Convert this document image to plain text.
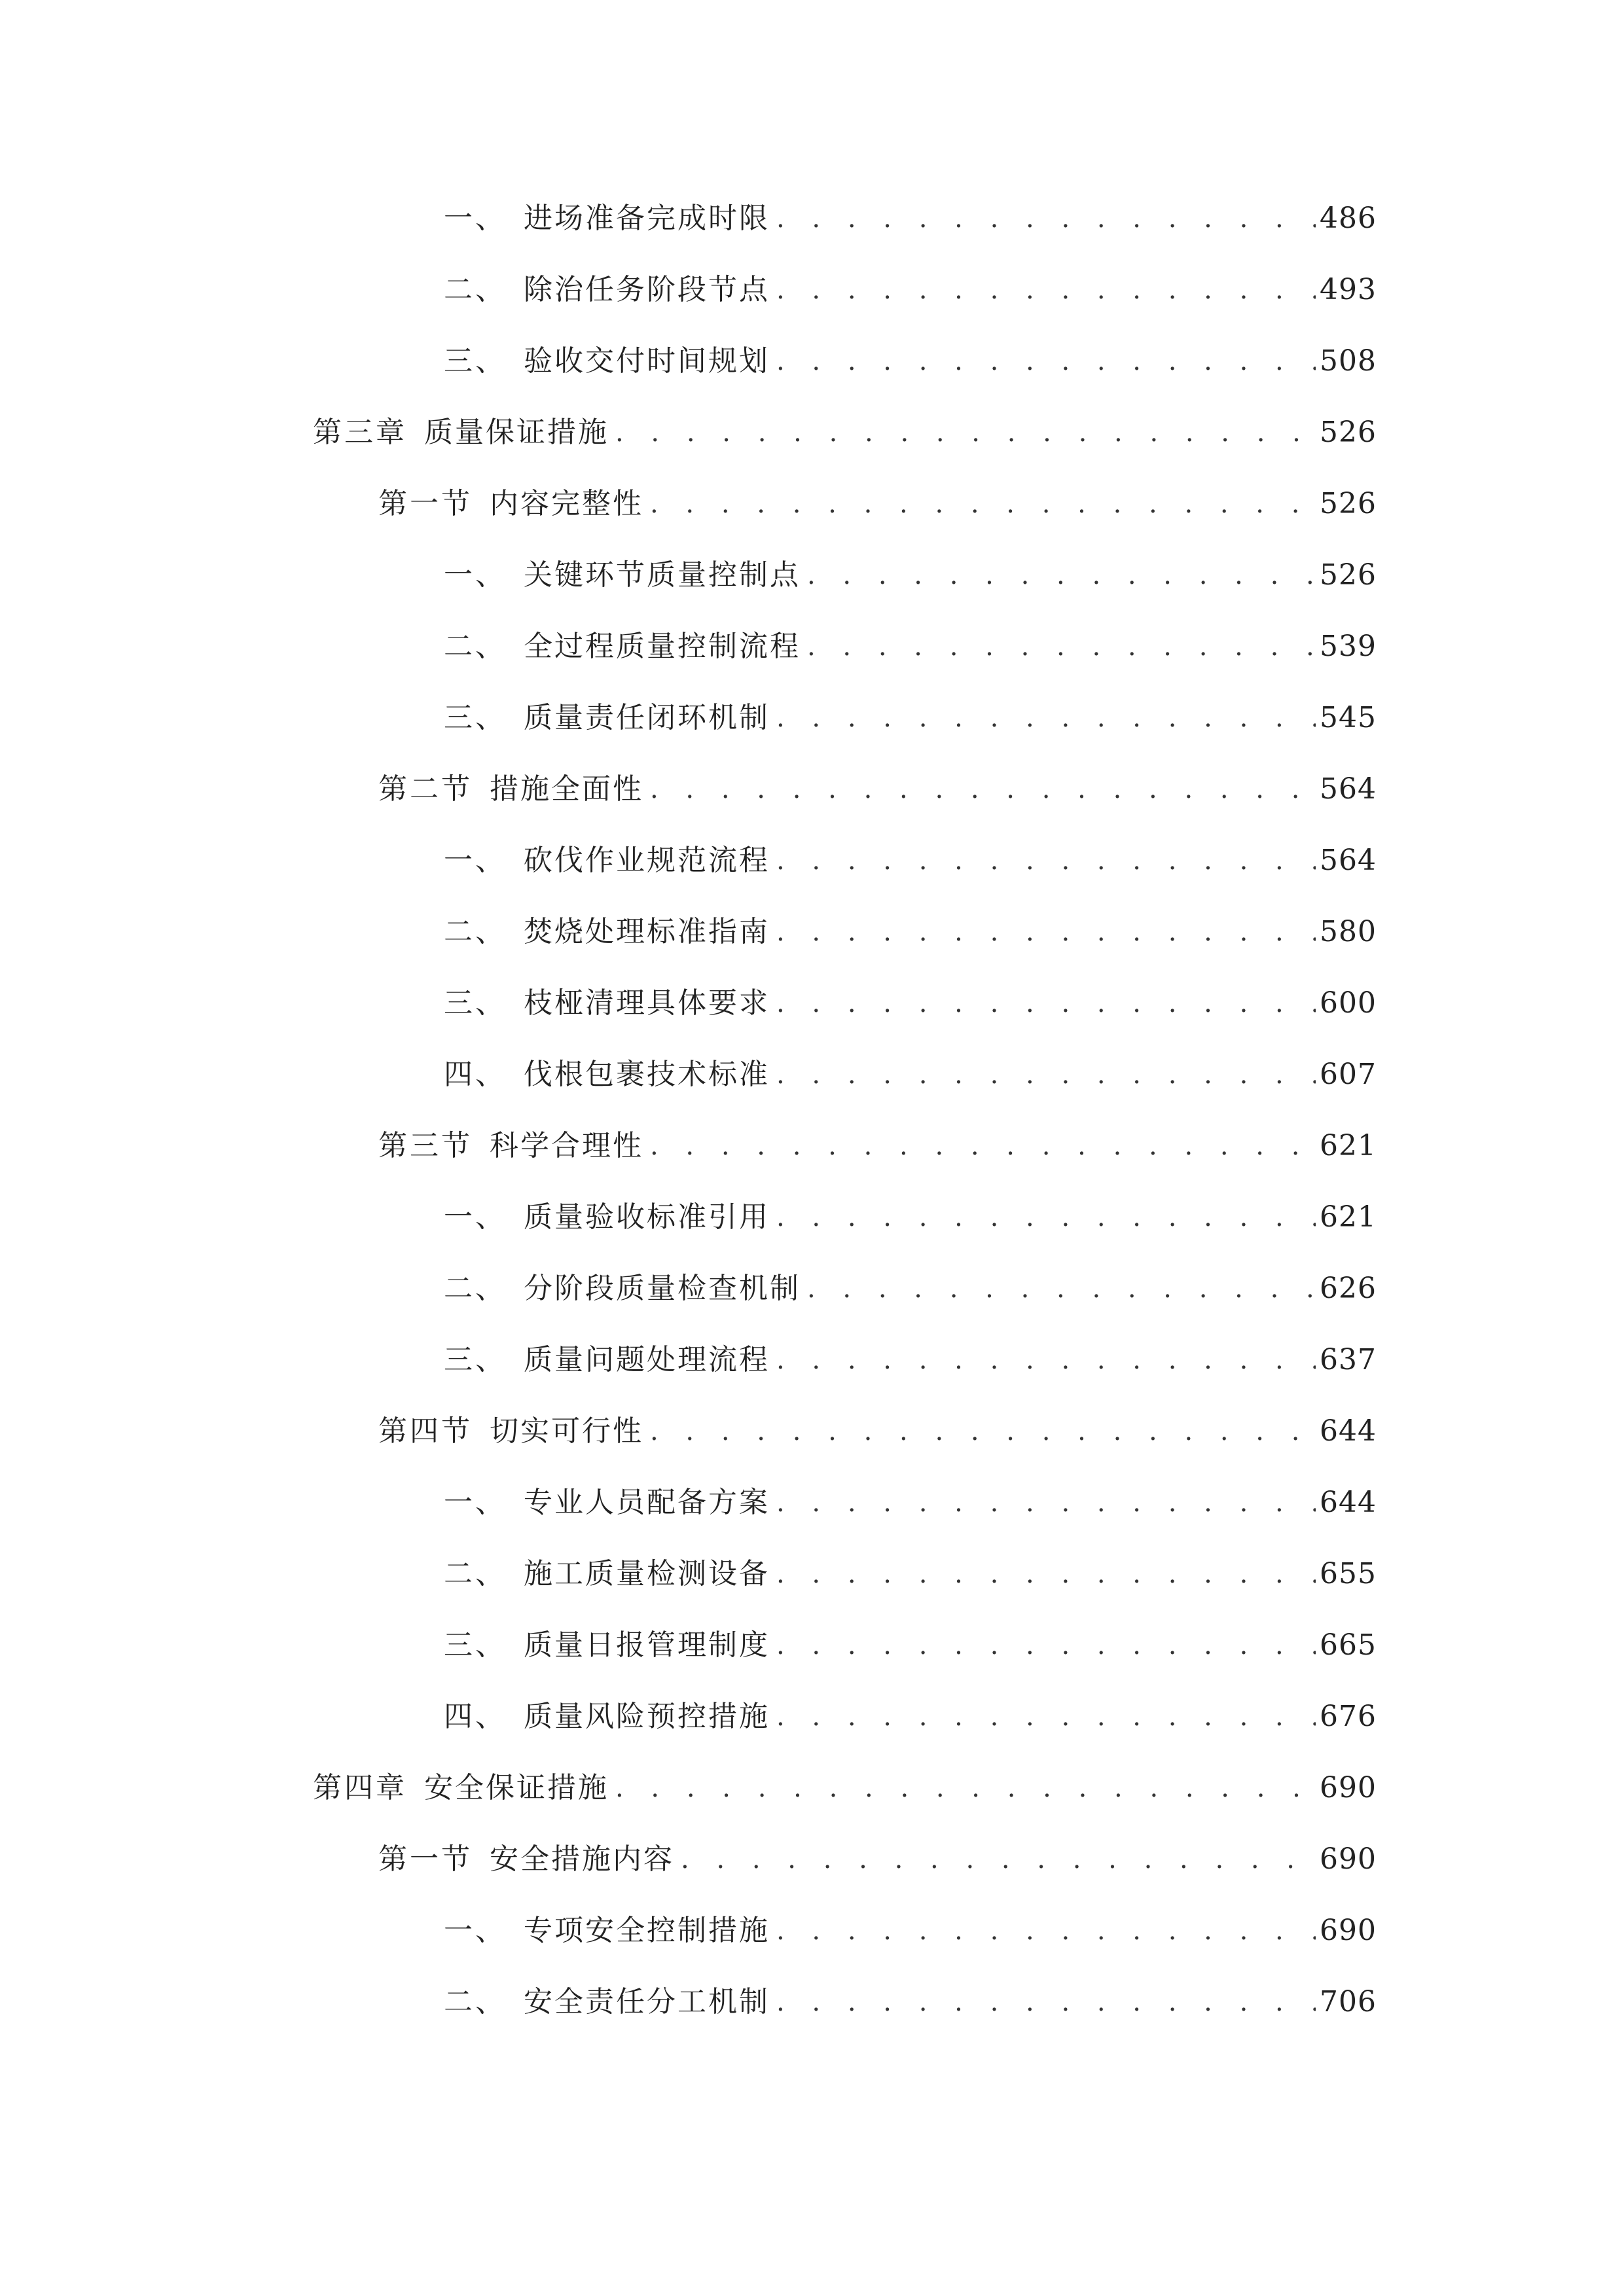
一、 进场准备完成时限 . . .	486
二、 除治任务阶段节点 . . .	493
三、 验收交付时间规划 . . .	508
第三章 质量保证措施 . . .	526
第一节 内容完整性 . . .	526
一、 关键环节质量控制点 . . .	526
二、 全过程质量控制流程 . . .	539
三、 质量责任闭环机制 . . .	545
第二节 措施全面性 . . .	564
一、 砍伐作业规范流程 . . .	564
二、 焚烧处理标准指南 . . .	580
三、 枝桠清理具体要求 . . .	600
四、 伐根包裹技术标准 . . .	607
第三节 科学合理性 . . .	621
一、 质量验收标准引用 . . .	621
二、 分阶段质量检查机制 . . .	626
三、 质量问题处理流程 . . .	637
第四节 切实可行性 . . .	644
一、 专业人员配备方案 . . .	644
二、 施工质量检测设备 . . .	655
三、 质量日报管理制度 . . .	665
四、 质量风险预控措施 . . .	676
第四章 安全保证措施 . . .	690
第一节 安全措施内容 . . .	690
一、 专项安全控制措施 . . .	690
二、 安全责任分工机制 . . .	706
